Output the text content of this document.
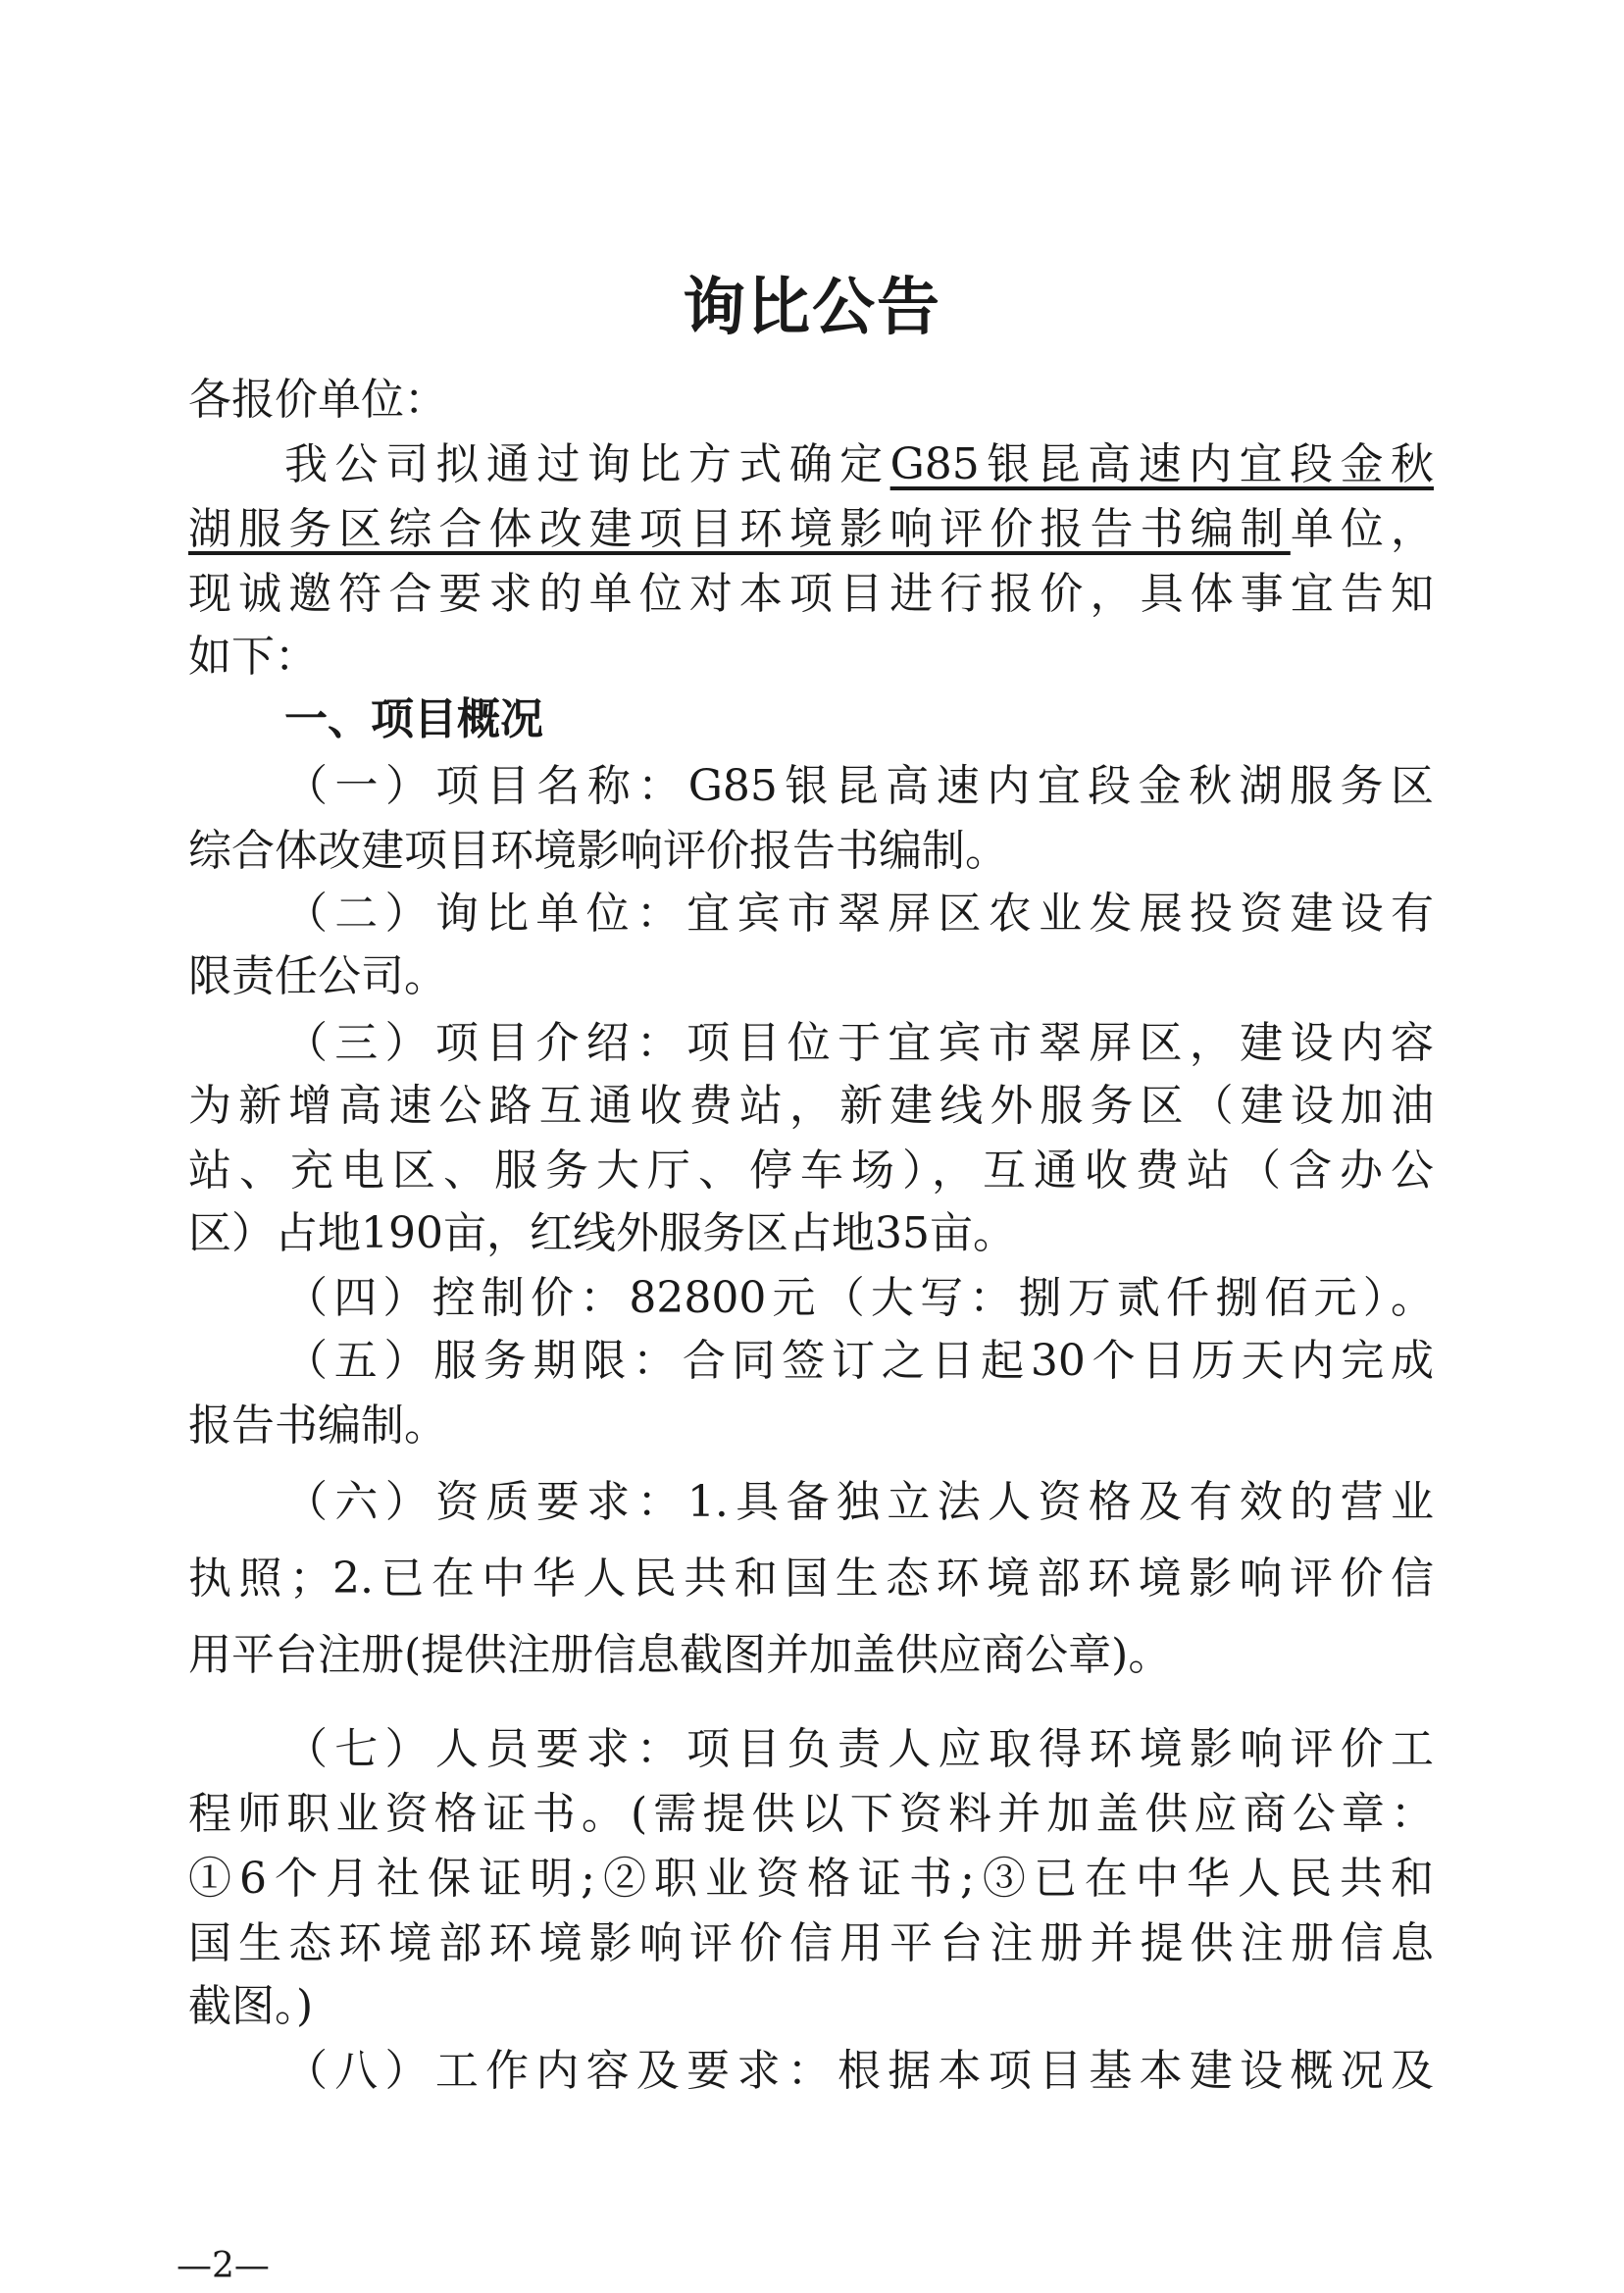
询比公告
各报价单位：
我公司拟通过询比方式确定G85银昆高速内宜段金秋
湖服务区综合体改建项目环境影响评价报告书编制单位，
现诚邀符合要求的单位对本项目进行报价，具体事宜告知
如下：
一、项目概况
（一）项目名称：G85银昆高速内宜段金秋湖服务区
综合体改建项目环境影响评价报告书编制。
（二）询比单位：宜宾市翠屏区农业发展投资建设有
限责任公司。
（三）项目介绍：项目位于宜宾市翠屏区，建设内容
为新增高速公路互通收费站，新建线外服务区（建设加油
站、充电区、服务大厅、停车场），互通收费站（含办公
区）占地190亩，红线外服务区占地35亩。
（四）控制价：82800元（大写：捌万贰仟捌佰元）。
（五）服务期限：合同签订之日起30个日历天内完成
报告书编制。
（六）资质要求：1.具备独立法人资格及有效的营业
执照；2.已在中华人民共和国生态环境部环境影响评价信
用平台注册(提供注册信息截图并加盖供应商公章)。
（七）人员要求：项目负责人应取得环境影响评价工
程师职业资格证书。(需提供以下资料并加盖供应商公章：
①6个月社保证明;②职业资格证书;③已在中华人民共和
国生态环境部环境影响评价信用平台注册并提供注册信息
截图。)
（八）工作内容及要求：根据本项目基本建设概况及
—2—
